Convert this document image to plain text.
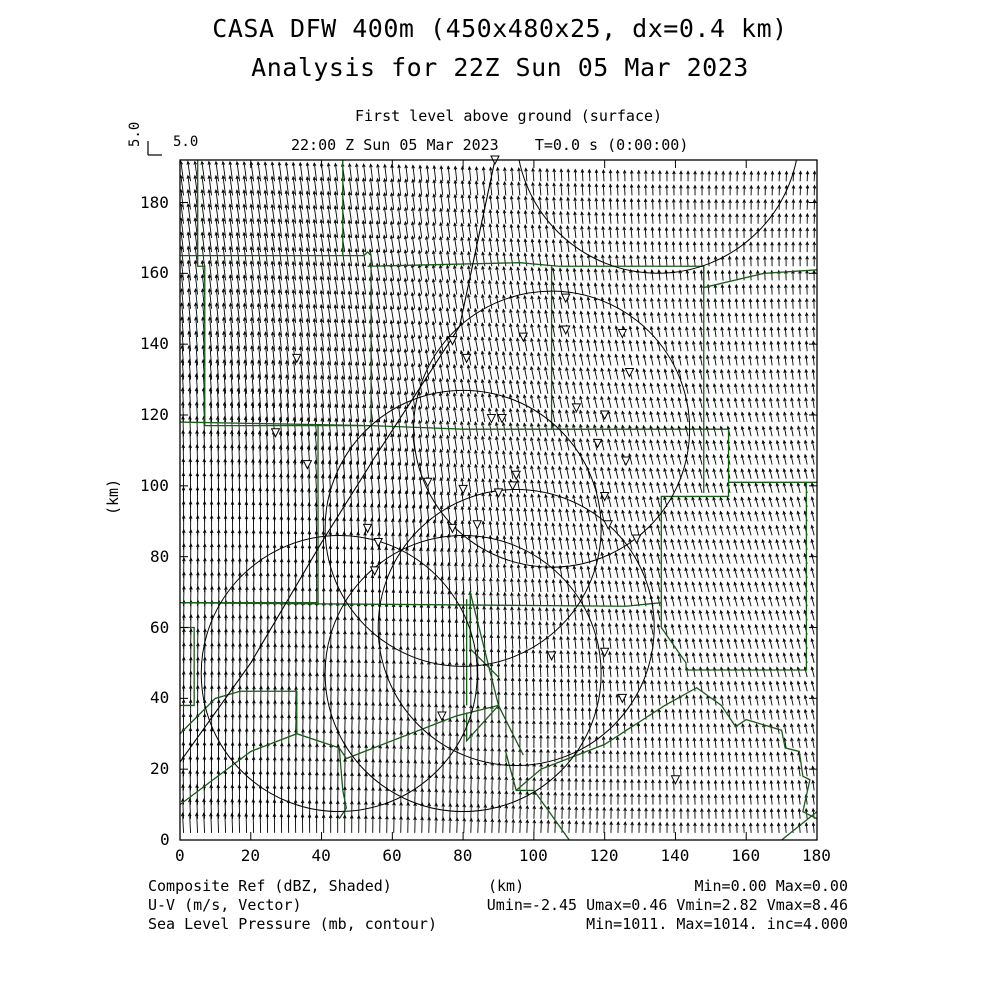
CASA DFW 400m (450x480x25, dx=0.4 km)
Analysis for 22Z Sun 05 Mar 2023
First level above ground (surface)
22:00 Z Sun 05 Mar 2023    T=0.0 s (0:00:00)
5.0
5.0
0	20	40	60	80	100	120	140	160	180
0
20
40
60
80
100
120
140
160
180
(km)
(km)
Composite Ref (dBZ, Shaded)
U-V (m/s, Vector)
Sea Level Pressure (mb, contour)
Min=0.00 Max=0.00
Umin=-2.45 Umax=0.46 Vmin=2.82 Vmax=8.46
Min=1011. Max=1014. inc=4.000
